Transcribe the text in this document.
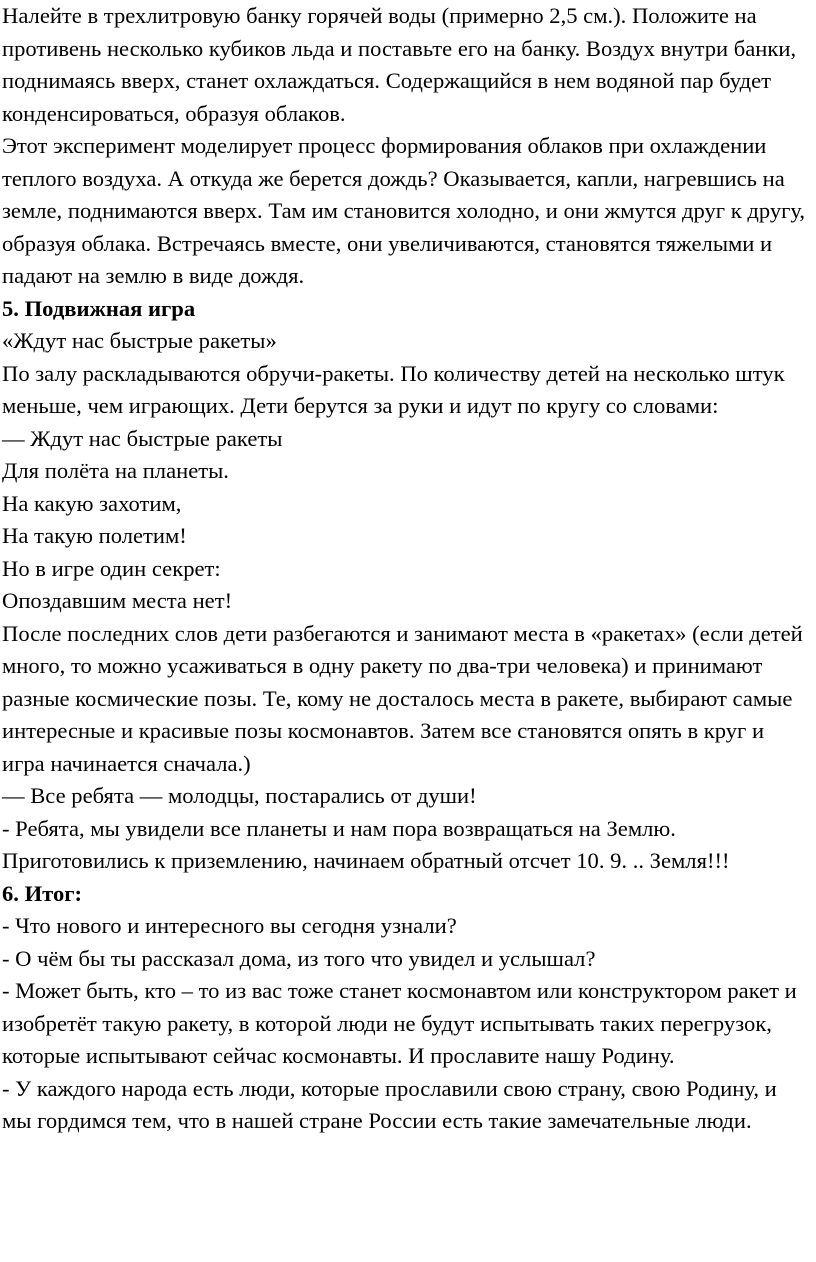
Налейте в трехлитровую банку горячей воды (примерно 2,5 см.). Положите на противень несколько кубиков льда и поставьте его на банку. Воздух внутри банки, поднимаясь вверх, станет охлаждаться. Содержащийся в нем водяной пар будет конденсироваться, образуя облаков.

Этот эксперимент моделирует процесс формирования облаков при охлаждении теплого воздуха. А откуда же берется дождь? Оказывается, капли, нагревшись на земле, поднимаются вверх. Там им становится холодно, и они жмутся друг к другу, образуя облака. Встречаясь вместе, они увеличиваются, становятся тяжелыми и падают на землю в виде дождя.

5. Подвижная игра

«Ждут нас быстрые ракеты»

По залу раскладываются обручи-ракеты. По количеству детей на несколько штук меньше, чем играющих. Дети берутся за руки и идут по кругу со словами:

— Ждут нас быстрые ракеты

Для полёта на планеты.

На какую захотим,

На такую полетим!

Но в игре один секрет:

Опоздавшим места нет!

После последних слов дети разбегаются и занимают места в «ракетах» (если детей много, то можно усаживаться в одну ракету по два-три человека) и принимают разные космические позы. Те, кому не досталось места в ракете, выбирают самые интересные и красивые позы космонавтов. Затем все становятся опять в круг и игра начинается сначала.)

— Все ребята — молодцы, постарались от души!

- Ребята, мы увидели все планеты и нам пора возвращаться на Землю. Приготовились к приземлению, начинаем обратный отсчет 10. 9. .. Земля!!!

6. Итог:

- Что нового и интересного вы сегодня узнали?

- О чём бы ты рассказал дома, из того что увидел и услышал?

- Может быть, кто – то из вас тоже станет космонавтом или конструктором ракет и изобретёт такую ракету, в которой люди не будут испытывать таких перегрузок, которые испытывают сейчас космонавты. И прославите нашу Родину.

- У каждого народа есть люди, которые прославили свою страну, свою Родину, и мы гордимся тем, что в нашей стране России есть такие замечательные люди.
